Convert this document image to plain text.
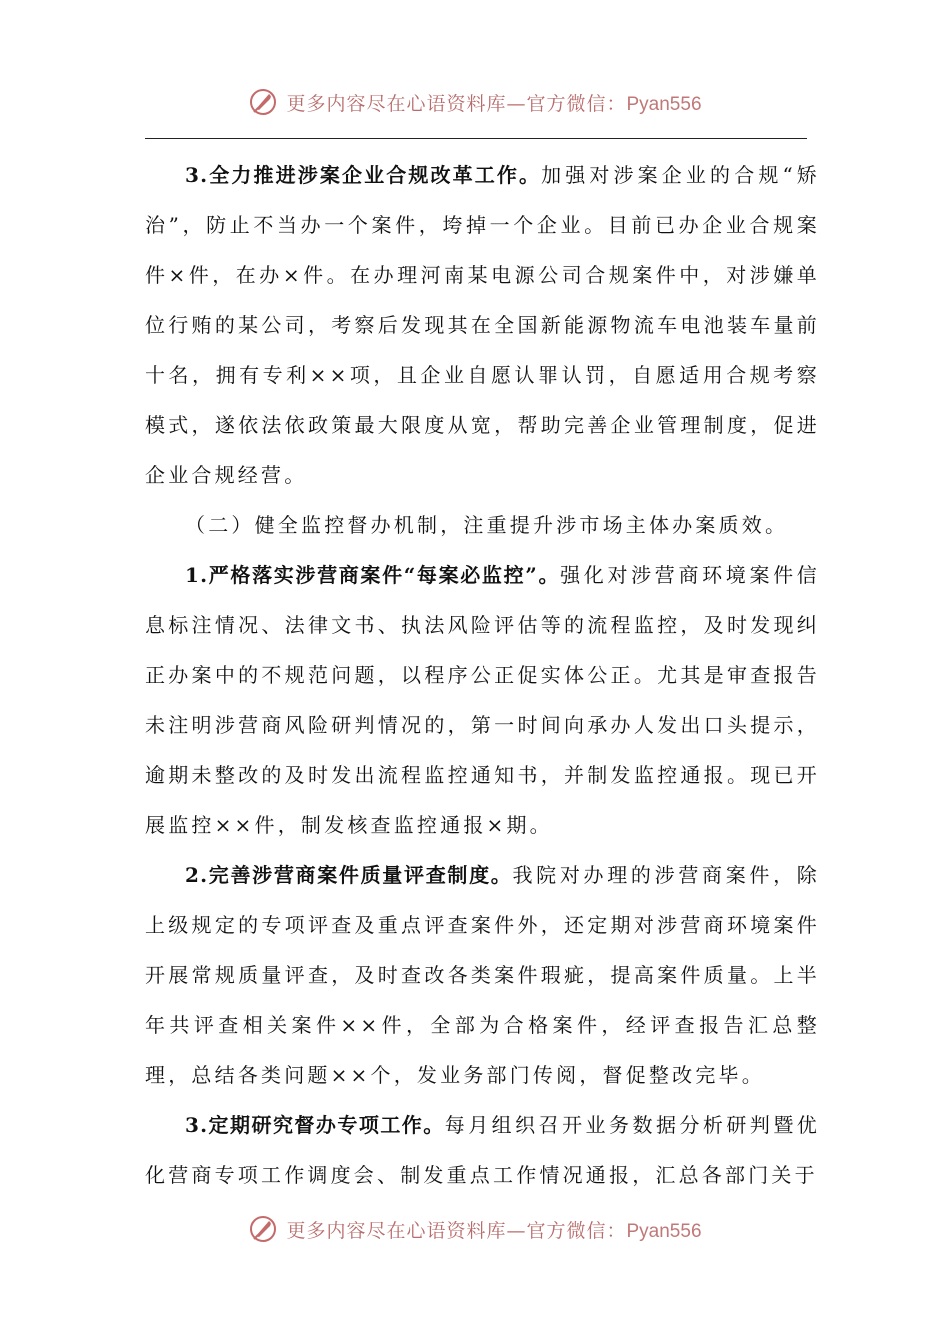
更多内容尽在心语资料库—官方微信：Pyan556

3.全力推进涉案企业合规改革工作。加强对涉案企业的合规“矫治”，防止不当办一个案件，垮掉一个企业。目前已办企业合规案件×件，在办×件。在办理河南某电源公司合规案件中，对涉嫌单位行贿的某公司，考察后发现其在全国新能源物流车电池装车量前十名，拥有专利××项，且企业自愿认罪认罚，自愿适用合规考察模式，遂依法依政策最大限度从宽，帮助完善企业管理制度，促进企业合规经营。

（二）健全监控督办机制，注重提升涉市场主体办案质效。

1.严格落实涉营商案件“每案必监控”。强化对涉营商环境案件信息标注情况、法律文书、执法风险评估等的流程监控，及时发现纠正办案中的不规范问题，以程序公正促实体公正。尤其是审查报告未注明涉营商风险研判情况的，第一时间向承办人发出口头提示，逾期未整改的及时发出流程监控通知书，并制发监控通报。现已开展监控××件，制发核查监控通报×期。

2.完善涉营商案件质量评查制度。我院对办理的涉营商案件，除上级规定的专项评查及重点评查案件外，还定期对涉营商环境案件开展常规质量评查，及时查改各类案件瑕疵，提高案件质量。上半年共评查相关案件××件，全部为合格案件，经评查报告汇总整理，总结各类问题××个，发业务部门传阅，督促整改完毕。

3.定期研究督办专项工作。每月组织召开业务数据分析研判暨优化营商专项工作调度会、制发重点工作情况通报，汇总各部门关于

更多内容尽在心语资料库—官方微信：Pyan556
